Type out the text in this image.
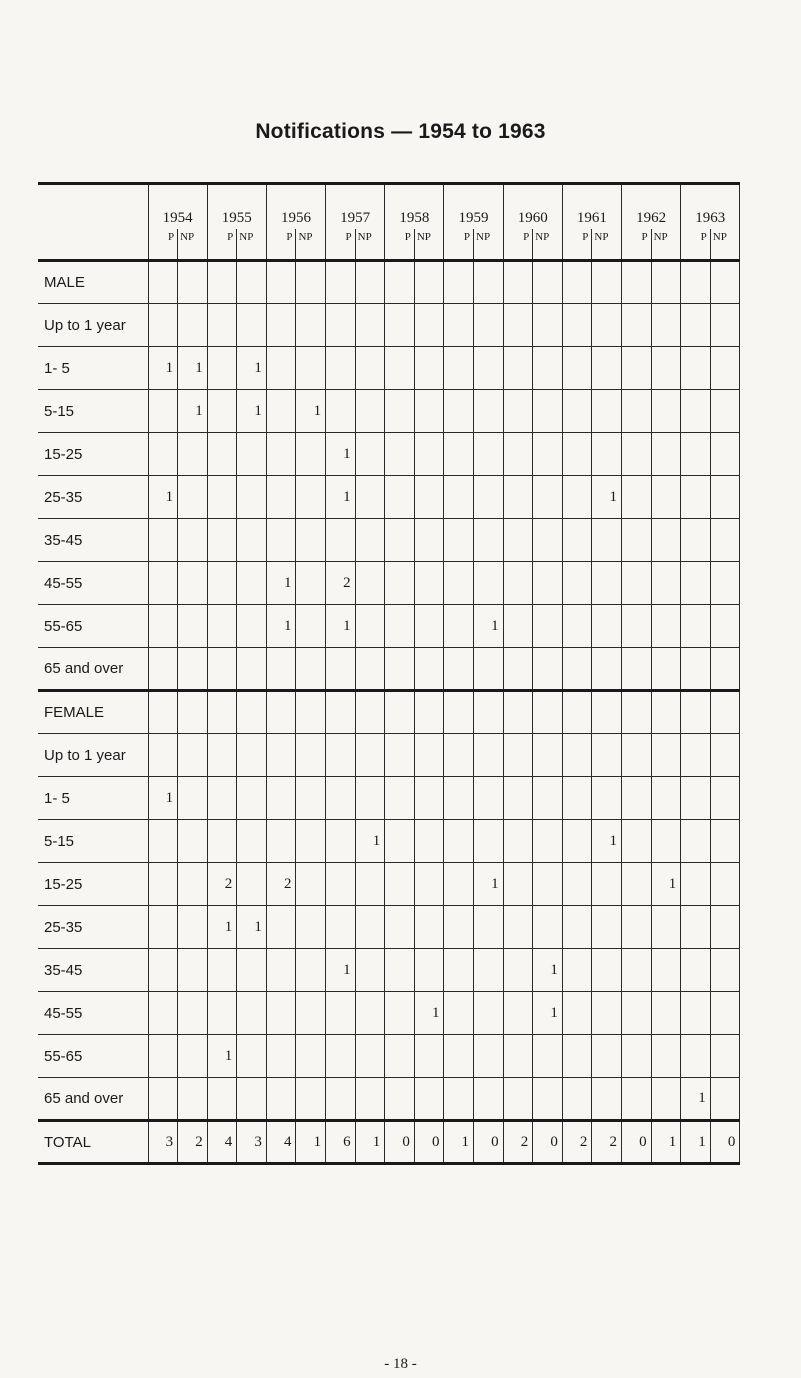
Notifications — 1954 to 1963
	1954		1955		1956		1957		1958		1959		1960		1961		1962		1963	
	P	NP	P	NP	P	NP	P	NP	P	NP	P	NP	P	NP	P	NP	P	NP	P	NP
MALE																				
Up to 1 year																				
1- 5	1	1		1																
5-15		1		1		1														
15-25							1													
25-35	1						1									1				
35-45																				
45-55					1		2													
55-65					1		1					1								
65 and over																				
FEMALE																				
Up to 1 year																				
1- 5	1																			
5-15								1								1				
15-25			2		2							1						1		
25-35			1	1																
35-45							1							1						
45-55										1				1						
55-65			1																	
65 and over																			1	
TOTAL	3	2	4	3	4	1	6	1	0	0	1	0	2	0	2	2	0	1	1	0
- 18 -
